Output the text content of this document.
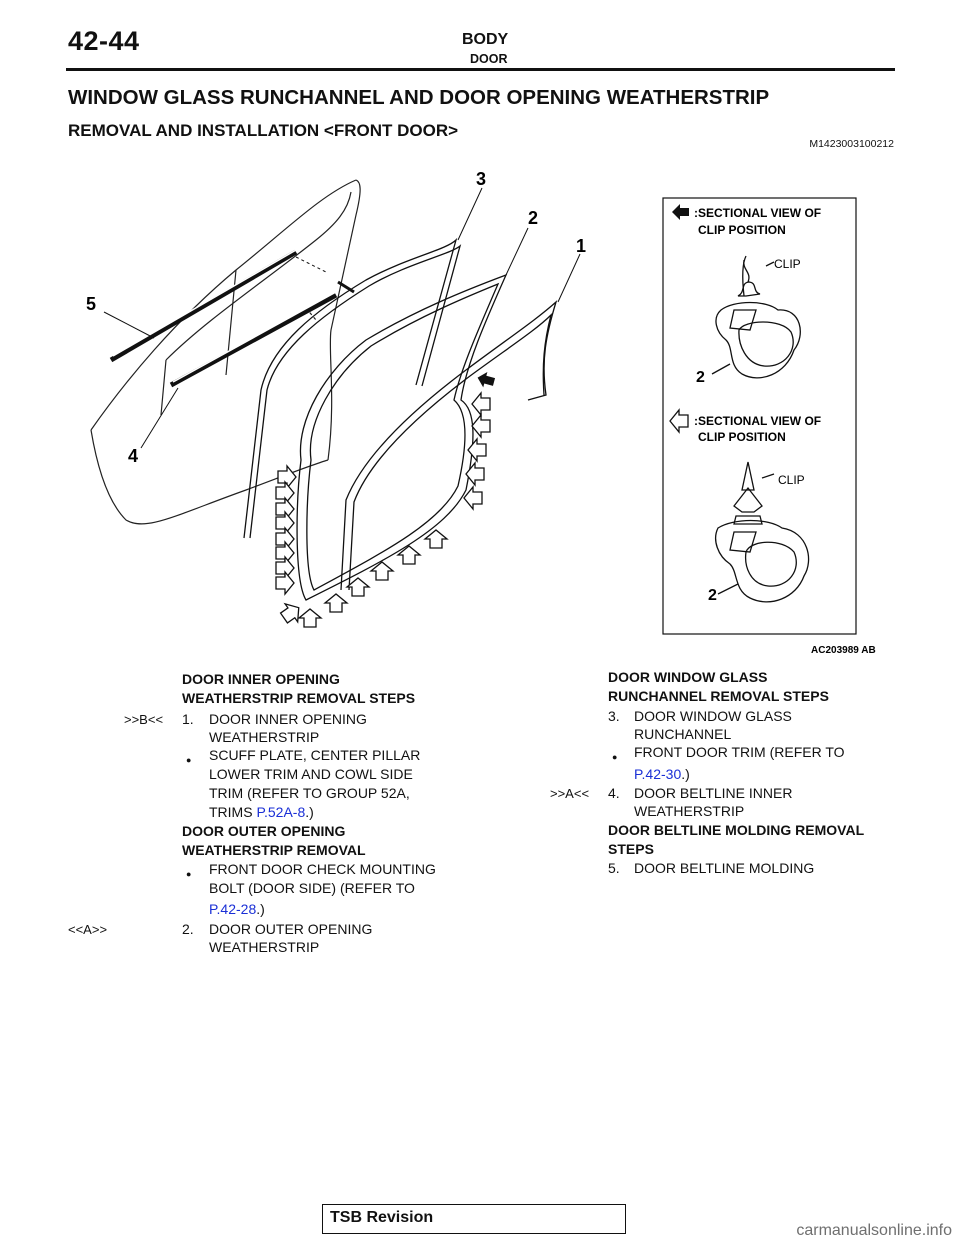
42-44	BODY
DOOR
WINDOW GLASS RUNCHANNEL AND DOOR OPENING WEATHERSTRIP
REMOVAL AND INSTALLATION <FRONT DOOR>
M1423003100212
3
2
1
5
4
:SECTIONAL VIEW OF
CLIP POSITION
CLIP
2
:SECTIONAL VIEW OF
CLIP POSITION
CLIP
2
AC203989 AB
DOOR INNER OPENING
WEATHERSTRIP REMOVAL STEPS
>>B<< 1. DOOR INNER OPENING
WEATHERSTRIP
● SCUFF PLATE, CENTER PILLAR
LOWER TRIM AND COWL SIDE
TRIM (REFER TO GROUP 52A,
TRIMS P.52A-8.)
DOOR OUTER OPENING
WEATHERSTRIP REMOVAL
● FRONT DOOR CHECK MOUNTING
BOLT (DOOR SIDE) (REFER TO
P.42-28.)
<<A>>	2. DOOR OUTER OPENING
WEATHERSTRIP
DOOR WINDOW GLASS
RUNCHANNEL REMOVAL STEPS
3. DOOR WINDOW GLASS
RUNCHANNEL
● FRONT DOOR TRIM (REFER TO
P.42-30.)
>>A<< 4. DOOR BELTLINE INNER
WEATHERSTRIP
DOOR BELTLINE MOLDING REMOVAL
STEPS
5. DOOR BELTLINE MOLDING
TSB Revision
carmanualsonline.info
